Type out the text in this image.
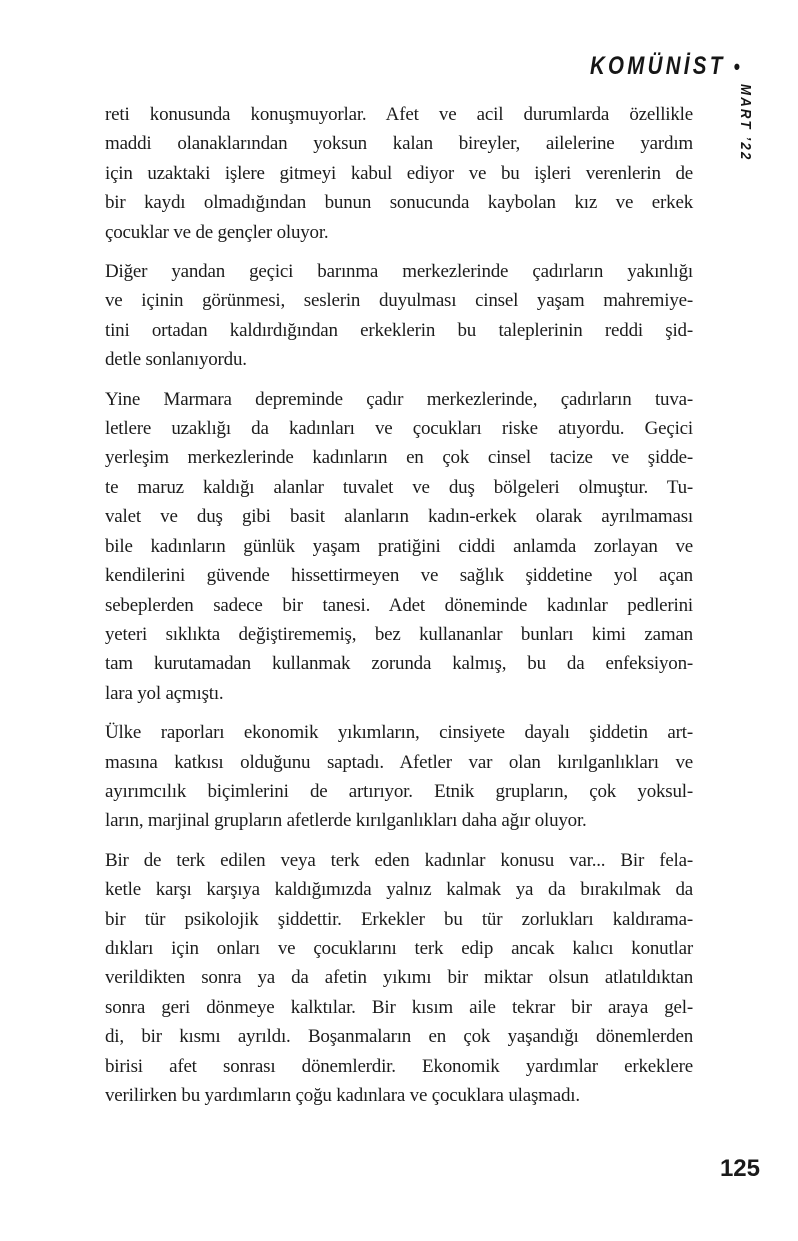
KOMÜNİST •
MART ’22
reti konusunda konuşmuyorlar. Afet ve acil durumlarda özellikle
maddi olanaklarından yoksun kalan bireyler, ailelerine yardım
için uzaktaki işlere gitmeyi kabul ediyor ve bu işleri verenlerin de
bir kaydı olmadığından bunun sonucunda kaybolan kız ve erkek
çocuklar ve de gençler oluyor.
Diğer yandan geçici barınma merkezlerinde çadırların yakınlığı
ve içinin görünmesi, seslerin duyulması cinsel yaşam mahremiye-
tini ortadan kaldırdığından erkeklerin bu taleplerinin reddi şid-
detle sonlanıyordu.
Yine Marmara depreminde çadır merkezlerinde, çadırların tuva-
letlere uzaklığı da kadınları ve çocukları riske atıyordu. Geçici
yerleşim merkezlerinde kadınların en çok cinsel tacize ve şidde-
te maruz kaldığı alanlar tuvalet ve duş bölgeleri olmuştur. Tu-
valet ve duş gibi basit alanların kadın-erkek olarak ayrılmaması
bile kadınların günlük yaşam pratiğini ciddi anlamda zorlayan ve
kendilerini güvende hissettirmeyen ve sağlık şiddetine yol açan
sebeplerden sadece bir tanesi. Adet döneminde kadınlar pedlerini
yeteri sıklıkta değiştirememiş, bez kullananlar bunları kimi zaman
tam kurutamadan kullanmak zorunda kalmış, bu da enfeksiyon-
lara yol açmıştı.
Ülke raporları ekonomik yıkımların, cinsiyete dayalı şiddetin art-
masına katkısı olduğunu saptadı. Afetler var olan kırılganlıkları ve
ayırımcılık biçimlerini de artırıyor. Etnik grupların, çok yoksul-
ların, marjinal grupların afetlerde kırılganlıkları daha ağır oluyor.
Bir de terk edilen veya terk eden kadınlar konusu var... Bir fela-
ketle karşı karşıya kaldığımızda yalnız kalmak ya da bırakılmak da
bir tür psikolojik şiddettir. Erkekler bu tür zorlukları kaldırama-
dıkları için onları ve çocuklarını terk edip ancak kalıcı konutlar
verildikten sonra ya da afetin yıkımı bir miktar olsun atlatıldıktan
sonra geri dönmeye kalktılar. Bir kısım aile tekrar bir araya gel-
di, bir kısmı ayrıldı. Boşanmaların en çok yaşandığı dönemlerden
birisi afet sonrası dönemlerdir. Ekonomik yardımlar erkeklere
verilirken bu yardımların çoğu kadınlara ve çocuklara ulaşmadı.
125
